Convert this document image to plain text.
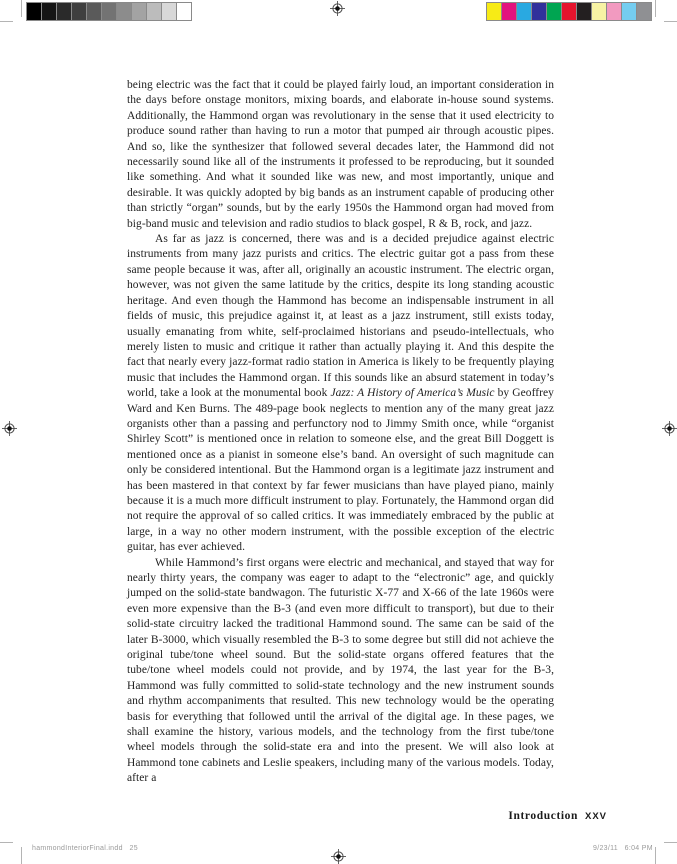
being electric was the fact that it could be played fairly loud, an important consideration in the days before onstage monitors, mixing boards, and elaborate in-house sound systems. Additionally, the Hammond organ was revolutionary in the sense that it used electricity to produce sound rather than having to run a motor that pumped air through acoustic pipes. And so, like the synthesizer that followed several decades later, the Hammond did not necessarily sound like all of the instruments it professed to be reproducing, but it sounded like something. And what it sounded like was new, and most importantly, unique and desirable. It was quickly adopted by big bands as an instrument capable of producing other than strictly “organ” sounds, but by the early 1950s the Hammond organ had moved from big-band music and television and radio studios to black gospel, R & B, rock, and jazz.

As far as jazz is concerned, there was and is a decided prejudice against electric instruments from many jazz purists and critics. The electric guitar got a pass from these same people because it was, after all, originally an acoustic instrument. The electric organ, however, was not given the same latitude by the critics, despite its long standing acoustic heritage. And even though the Hammond has become an indispensable instrument in all fields of music, this prejudice against it, at least as a jazz instrument, still exists today, usually emanating from white, self-proclaimed historians and pseudo-intellectuals, who merely listen to music and critique it rather than actually playing it. And this despite the fact that nearly every jazz-format radio station in America is likely to be frequently playing music that includes the Hammond organ. If this sounds like an absurd statement in today’s world, take a look at the monumental book Jazz: A History of America’s Music by Geoffrey Ward and Ken Burns. The 489-page book neglects to mention any of the many great jazz organists other than a passing and perfunctory nod to Jimmy Smith once, while “organist Shirley Scott” is mentioned once in relation to someone else, and the great Bill Doggett is mentioned once as a pianist in someone else’s band. An oversight of such magnitude can only be considered intentional. But the Hammond organ is a legitimate jazz instrument and has been mastered in that context by far fewer musicians than have played piano, mainly because it is a much more difficult instrument to play. Fortunately, the Hammond organ did not require the approval of so called critics. It was immediately embraced by the public at large, in a way no other modern instrument, with the possible exception of the electric guitar, has ever achieved.

While Hammond’s first organs were electric and mechanical, and stayed that way for nearly thirty years, the company was eager to adapt to the “electronic” age, and quickly jumped on the solid-state bandwagon. The futuristic X-77 and X-66 of the late 1960s were even more expensive than the B-3 (and even more difficult to transport), but due to their solid-state circuitry lacked the traditional Hammond sound. The same can be said of the later B-3000, which visually resembled the B-3 to some degree but still did not achieve the original tube/tone wheel sound. But the solid-state organs offered features that the tube/tone wheel models could not provide, and by 1974, the last year for the B-3, Hammond was fully committed to solid-state technology and the new instrument sounds and rhythm accompaniments that resulted. This new technology would be the operating basis for everything that followed until the arrival of the digital age. In these pages, we shall examine the history, various models, and the technology from the first tube/tone wheel models through the solid-state era and into the present. We will also look at Hammond tone cabinets and Leslie speakers, including many of the various models. Today, after a

Introduction XXV
hammondInteriorFinal.indd   25	9/23/11   6:04 PM
